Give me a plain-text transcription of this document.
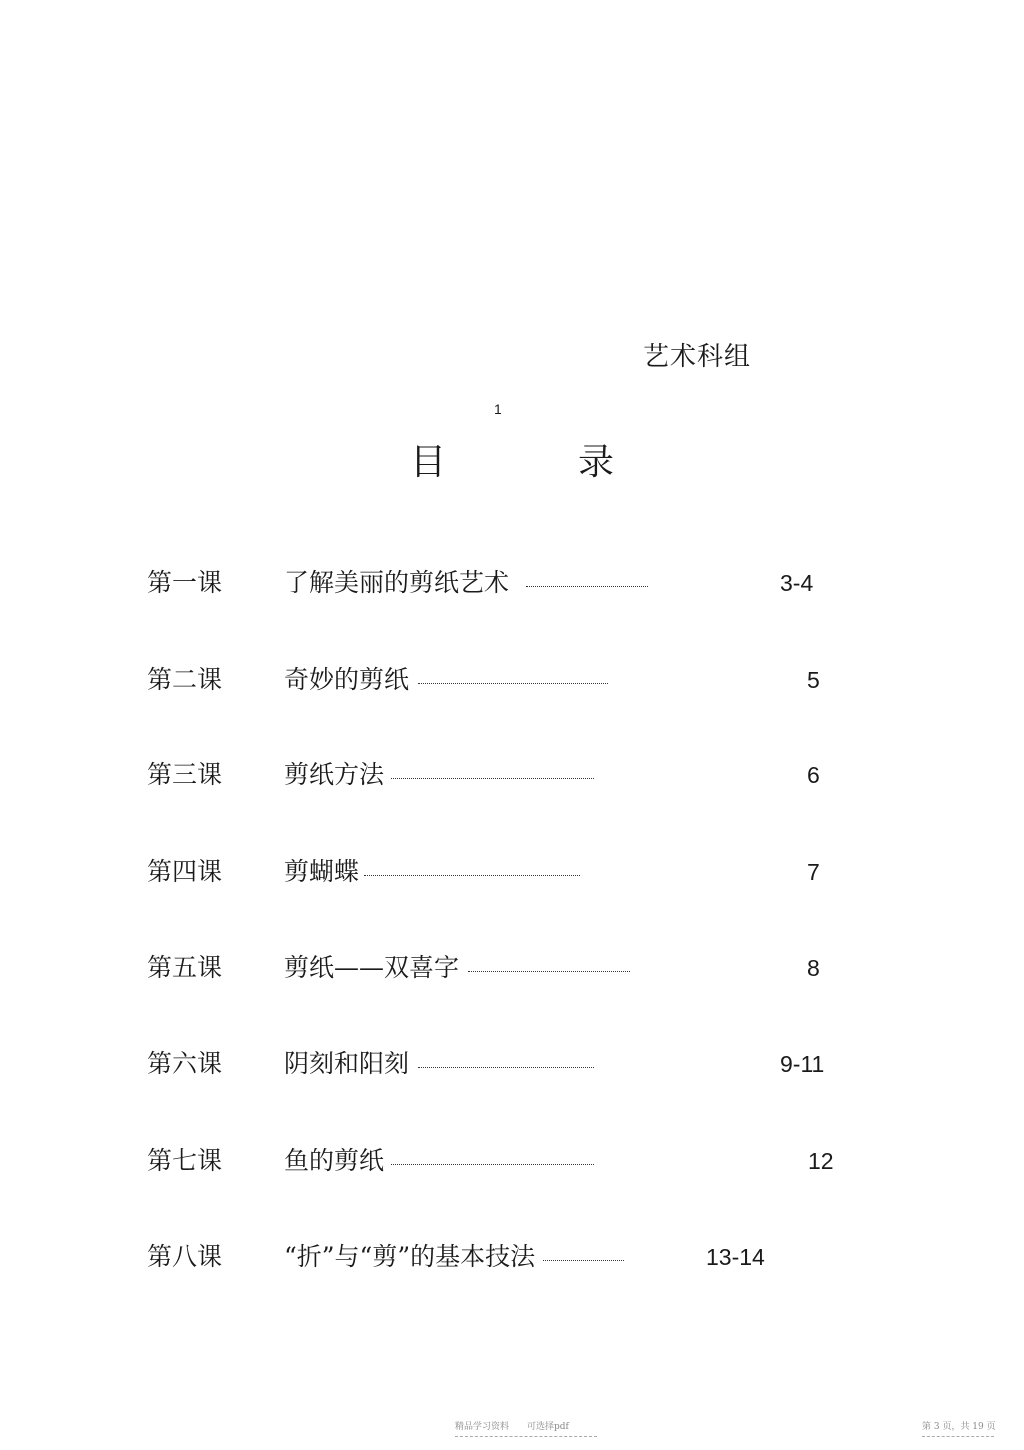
艺术科组
1
目	录
第一课 了解美丽的剪纸艺术	3-4
第二课 奇妙的剪纸	5
第三课 剪纸方法	6
第四课 剪蝴蝶	7
第五课 剪纸——双喜字	8
第六课 阴刻和阳刻	9-11
第七课 鱼的剪纸	12
第八课 “折”与“剪”的基本技法	13-14
精品学习资料　　可选择pdf	第 3 页，共 19 页
